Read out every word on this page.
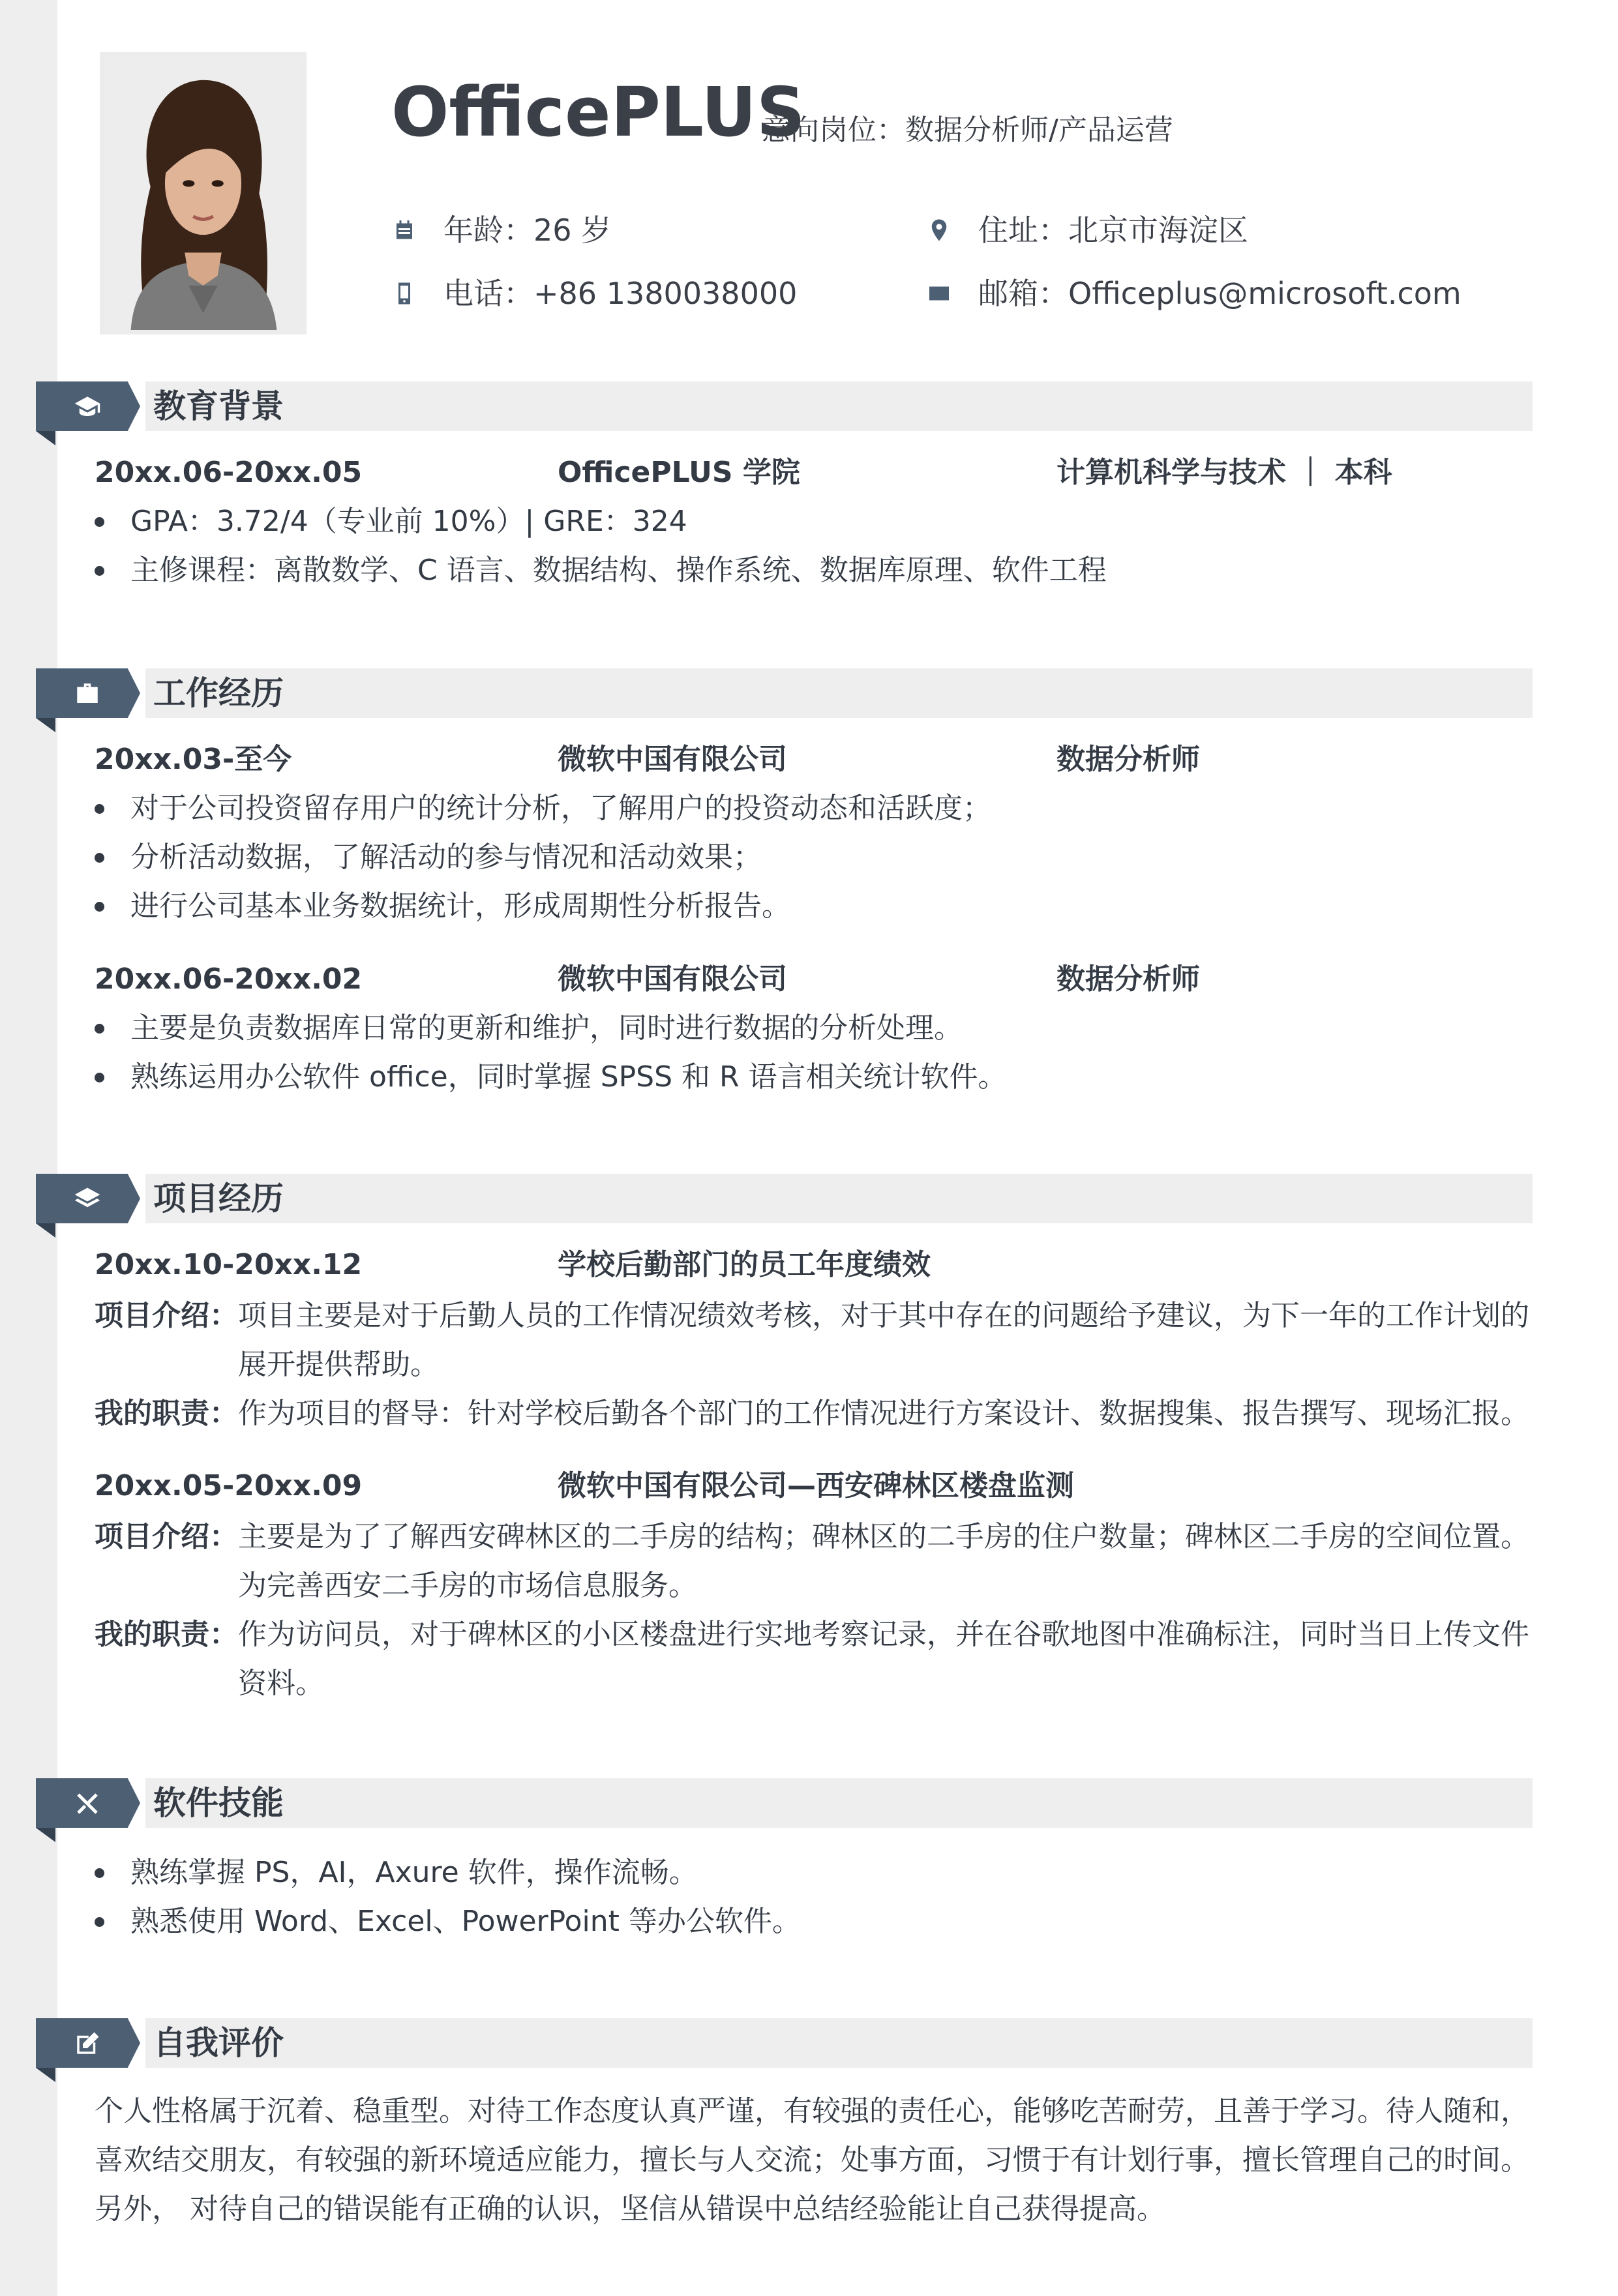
OfficePLUS
意向岗位：数据分析师/产品运营
年龄：26 岁	住址：北京市海淀区
电话：+86 1380038000	邮箱：Officeplus@microsoft.com
教育背景
20xx.06-20xx.05	OfficePLUS 学院	计算机科学与技术 ｜ 本科
GPA：3.72/4（专业前 10%）| GRE：324
主修课程：离散数学、C 语言、数据结构、操作系统、数据库原理、软件工程
工作经历
20xx.03-至今	微软中国有限公司	数据分析师
对于公司投资留存用户的统计分析，了解用户的投资动态和活跃度；
分析活动数据，了解活动的参与情况和活动效果；
进行公司基本业务数据统计，形成周期性分析报告。
20xx.06-20xx.02	微软中国有限公司	数据分析师
主要是负责数据库日常的更新和维护，同时进行数据的分析处理。
熟练运用办公软件 office，同时掌握 SPSS 和 R 语言相关统计软件。
项目经历
20xx.10-20xx.12	学校后勤部门的员工年度绩效
项目介绍： 项目主要是对于后勤人员的工作情况绩效考核，对于其中存在的问题给予建议，为下一年的工作计划的展开提供帮助。
我的职责： 作为项目的督导：针对学校后勤各个部门的工作情况进行方案设计、数据搜集、报告撰写、现场汇报。
20xx.05-20xx.09	微软中国有限公司—西安碑林区楼盘监测
项目介绍： 主要是为了了解西安碑林区的二手房的结构；碑林区的二手房的住户数量；碑林区二手房的空间位置。为完善西安二手房的市场信息服务。
我的职责： 作为访问员，对于碑林区的小区楼盘进行实地考察记录，并在谷歌地图中准确标注，同时当日上传文件资料。
软件技能
熟练掌握 PS，AI，Axure 软件，操作流畅。
熟悉使用 Word、Excel、PowerPoint 等办公软件。
自我评价
个人性格属于沉着、稳重型。对待工作态度认真严谨，有较强的责任心，能够吃苦耐劳，且善于学习。待人随和，喜欢结交朋友，有较强的新环境适应能力，擅长与人交流；处事方面，习惯于有计划行事，擅长管理自己的时间。另外， 对待自己的错误能有正确的认识，坚信从错误中总结经验能让自己获得提高。
